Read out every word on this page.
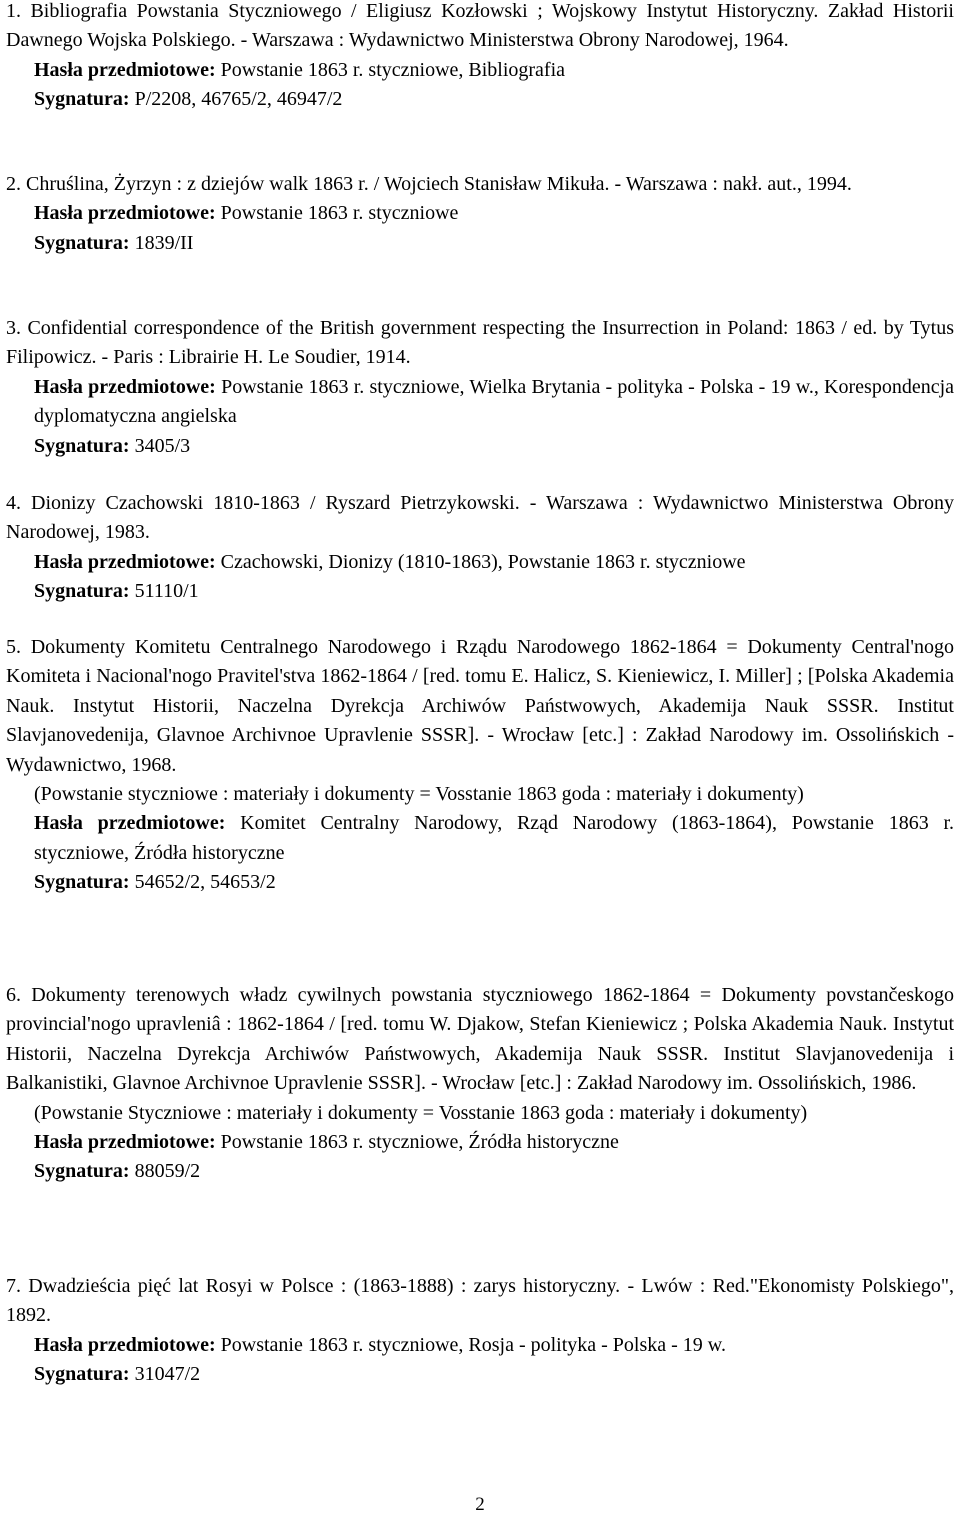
1. Bibliografia Powstania Styczniowego / Eligiusz Kozłowski ; Wojskowy Instytut Historyczny. Zakład Historii Dawnego Wojska Polskiego. - Warszawa : Wydawnictwo Ministerstwa Obrony Narodowej, 1964.

Hasła przedmiotowe: Powstanie 1863 r. styczniowe, Bibliografia

Sygnatura: P/2208, 46765/2, 46947/2

2. Chruślina, Żyrzyn : z dziejów walk 1863 r. / Wojciech Stanisław Mikuła. - Warszawa : nakł. aut., 1994.

Hasła przedmiotowe: Powstanie 1863 r. styczniowe

Sygnatura: 1839/II

3. Confidential correspondence of the British government respecting the Insurrection in Poland: 1863 / ed. by Tytus Filipowicz. - Paris : Librairie H. Le Soudier, 1914.

Hasła przedmiotowe: Powstanie 1863 r. styczniowe, Wielka Brytania - polityka - Polska - 19 w., Korespondencja dyplomatyczna angielska

Sygnatura: 3405/3

4. Dionizy Czachowski 1810-1863 / Ryszard Pietrzykowski. - Warszawa : Wydawnictwo Ministerstwa Obrony Narodowej, 1983.

Hasła przedmiotowe: Czachowski, Dionizy (1810-1863), Powstanie 1863 r. styczniowe

Sygnatura: 51110/1

5. Dokumenty Komitetu Centralnego Narodowego i Rządu Narodowego 1862-1864 = Dokumenty Central'nogo Komiteta i Nacional'nogo Pravitel'stva 1862-1864 / [red. tomu E. Halicz, S. Kieniewicz, I. Miller] ; [Polska Akademia Nauk. Instytut Historii, Naczelna Dyrekcja Archiwów Państwowych, Akademija Nauk SSSR. Institut Slavjanovedenija, Glavnoe Archivnoe Upravlenie SSSR]. - Wrocław [etc.] : Zakład Narodowy im. Ossolińskich - Wydawnictwo, 1968.

(Powstanie styczniowe : materiały i dokumenty = Vosstanie 1863 goda : materiały i dokumenty)

Hasła przedmiotowe: Komitet Centralny Narodowy, Rząd Narodowy (1863-1864), Powstanie 1863 r. styczniowe, Źródła historyczne

Sygnatura: 54652/2, 54653/2

6. Dokumenty terenowych władz cywilnych powstania styczniowego 1862-1864 = Dokumenty povstančeskogo provincial'nogo upravleniâ : 1862-1864 / [red. tomu W. Djakow, Stefan Kieniewicz ; Polska Akademia Nauk. Instytut Historii, Naczelna Dyrekcja Archiwów Państwowych, Akademija Nauk SSSR. Institut Slavjanovedenija i Balkanistiki, Glavnoe Archivnoe Upravlenie SSSR]. - Wrocław [etc.] : Zakład Narodowy im. Ossolińskich, 1986.

(Powstanie Styczniowe : materiały i dokumenty = Vosstanie 1863 goda : materiały i dokumenty)

Hasła przedmiotowe: Powstanie 1863 r. styczniowe, Źródła historyczne

Sygnatura: 88059/2

7. Dwadzieścia pięć lat Rosyi w Polsce : (1863-1888) : zarys historyczny. - Lwów : Red."Ekonomisty Polskiego", 1892.

Hasła przedmiotowe: Powstanie 1863 r. styczniowe, Rosja - polityka - Polska - 19 w.

Sygnatura: 31047/2

2
